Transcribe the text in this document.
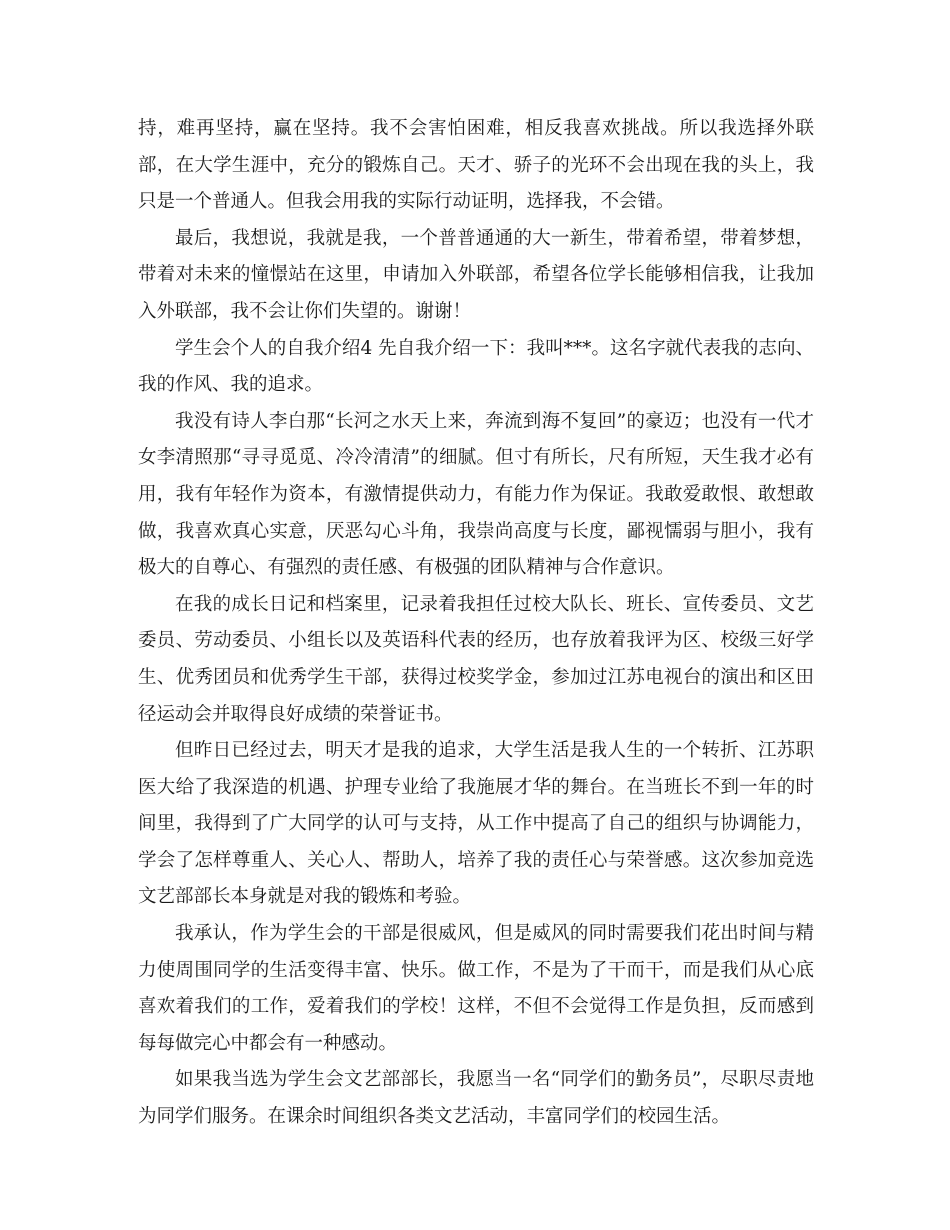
持，难再坚持，赢在坚持。我不会害怕困难，相反我喜欢挑战。所以我选择外联部，在大学生涯中，充分的锻炼自己。天才、骄子的光环不会出现在我的头上，我只是一个普通人。但我会用我的实际行动证明，选择我，不会错。

最后，我想说，我就是我，一个普普通通的大一新生，带着希望，带着梦想，带着对未来的憧憬站在这里，申请加入外联部，希望各位学长能够相信我，让我加入外联部，我不会让你们失望的。谢谢！

学生会个人的自我介绍4 先自我介绍一下：我叫***。这名字就代表我的志向、我的作风、我的追求。

我没有诗人李白那“长河之水天上来，奔流到海不复回”的豪迈；也没有一代才女李清照那“寻寻觅觅、冷冷清清”的细腻。但寸有所长，尺有所短，天生我才必有用，我有年轻作为资本，有激情提供动力，有能力作为保证。我敢爱敢恨、敢想敢做，我喜欢真心实意，厌恶勾心斗角，我崇尚高度与长度，鄙视懦弱与胆小，我有极大的自尊心、有强烈的责任感、有极强的团队精神与合作意识。

在我的成长日记和档案里，记录着我担任过校大队长、班长、宣传委员、文艺委员、劳动委员、小组长以及英语科代表的经历，也存放着我评为区、校级三好学生、优秀团员和优秀学生干部，获得过校奖学金，参加过江苏电视台的演出和区田径运动会并取得良好成绩的荣誉证书。

但昨日已经过去，明天才是我的追求，大学生活是我人生的一个转折、江苏职医大给了我深造的机遇、护理专业给了我施展才华的舞台。在当班长不到一年的时间里，我得到了广大同学的认可与支持，从工作中提高了自己的组织与协调能力，学会了怎样尊重人、关心人、帮助人，培养了我的责任心与荣誉感。这次参加竞选文艺部部长本身就是对我的锻炼和考验。

我承认，作为学生会的干部是很威风，但是威风的同时需要我们花出时间与精力使周围同学的生活变得丰富、快乐。做工作，不是为了干而干，而是我们从心底喜欢着我们的工作，爱着我们的学校！这样，不但不会觉得工作是负担，反而感到每每做完心中都会有一种感动。

如果我当选为学生会文艺部部长，我愿当一名“同学们的勤务员”，尽职尽责地为同学们服务。在课余时间组织各类文艺活动，丰富同学们的校园生活。
